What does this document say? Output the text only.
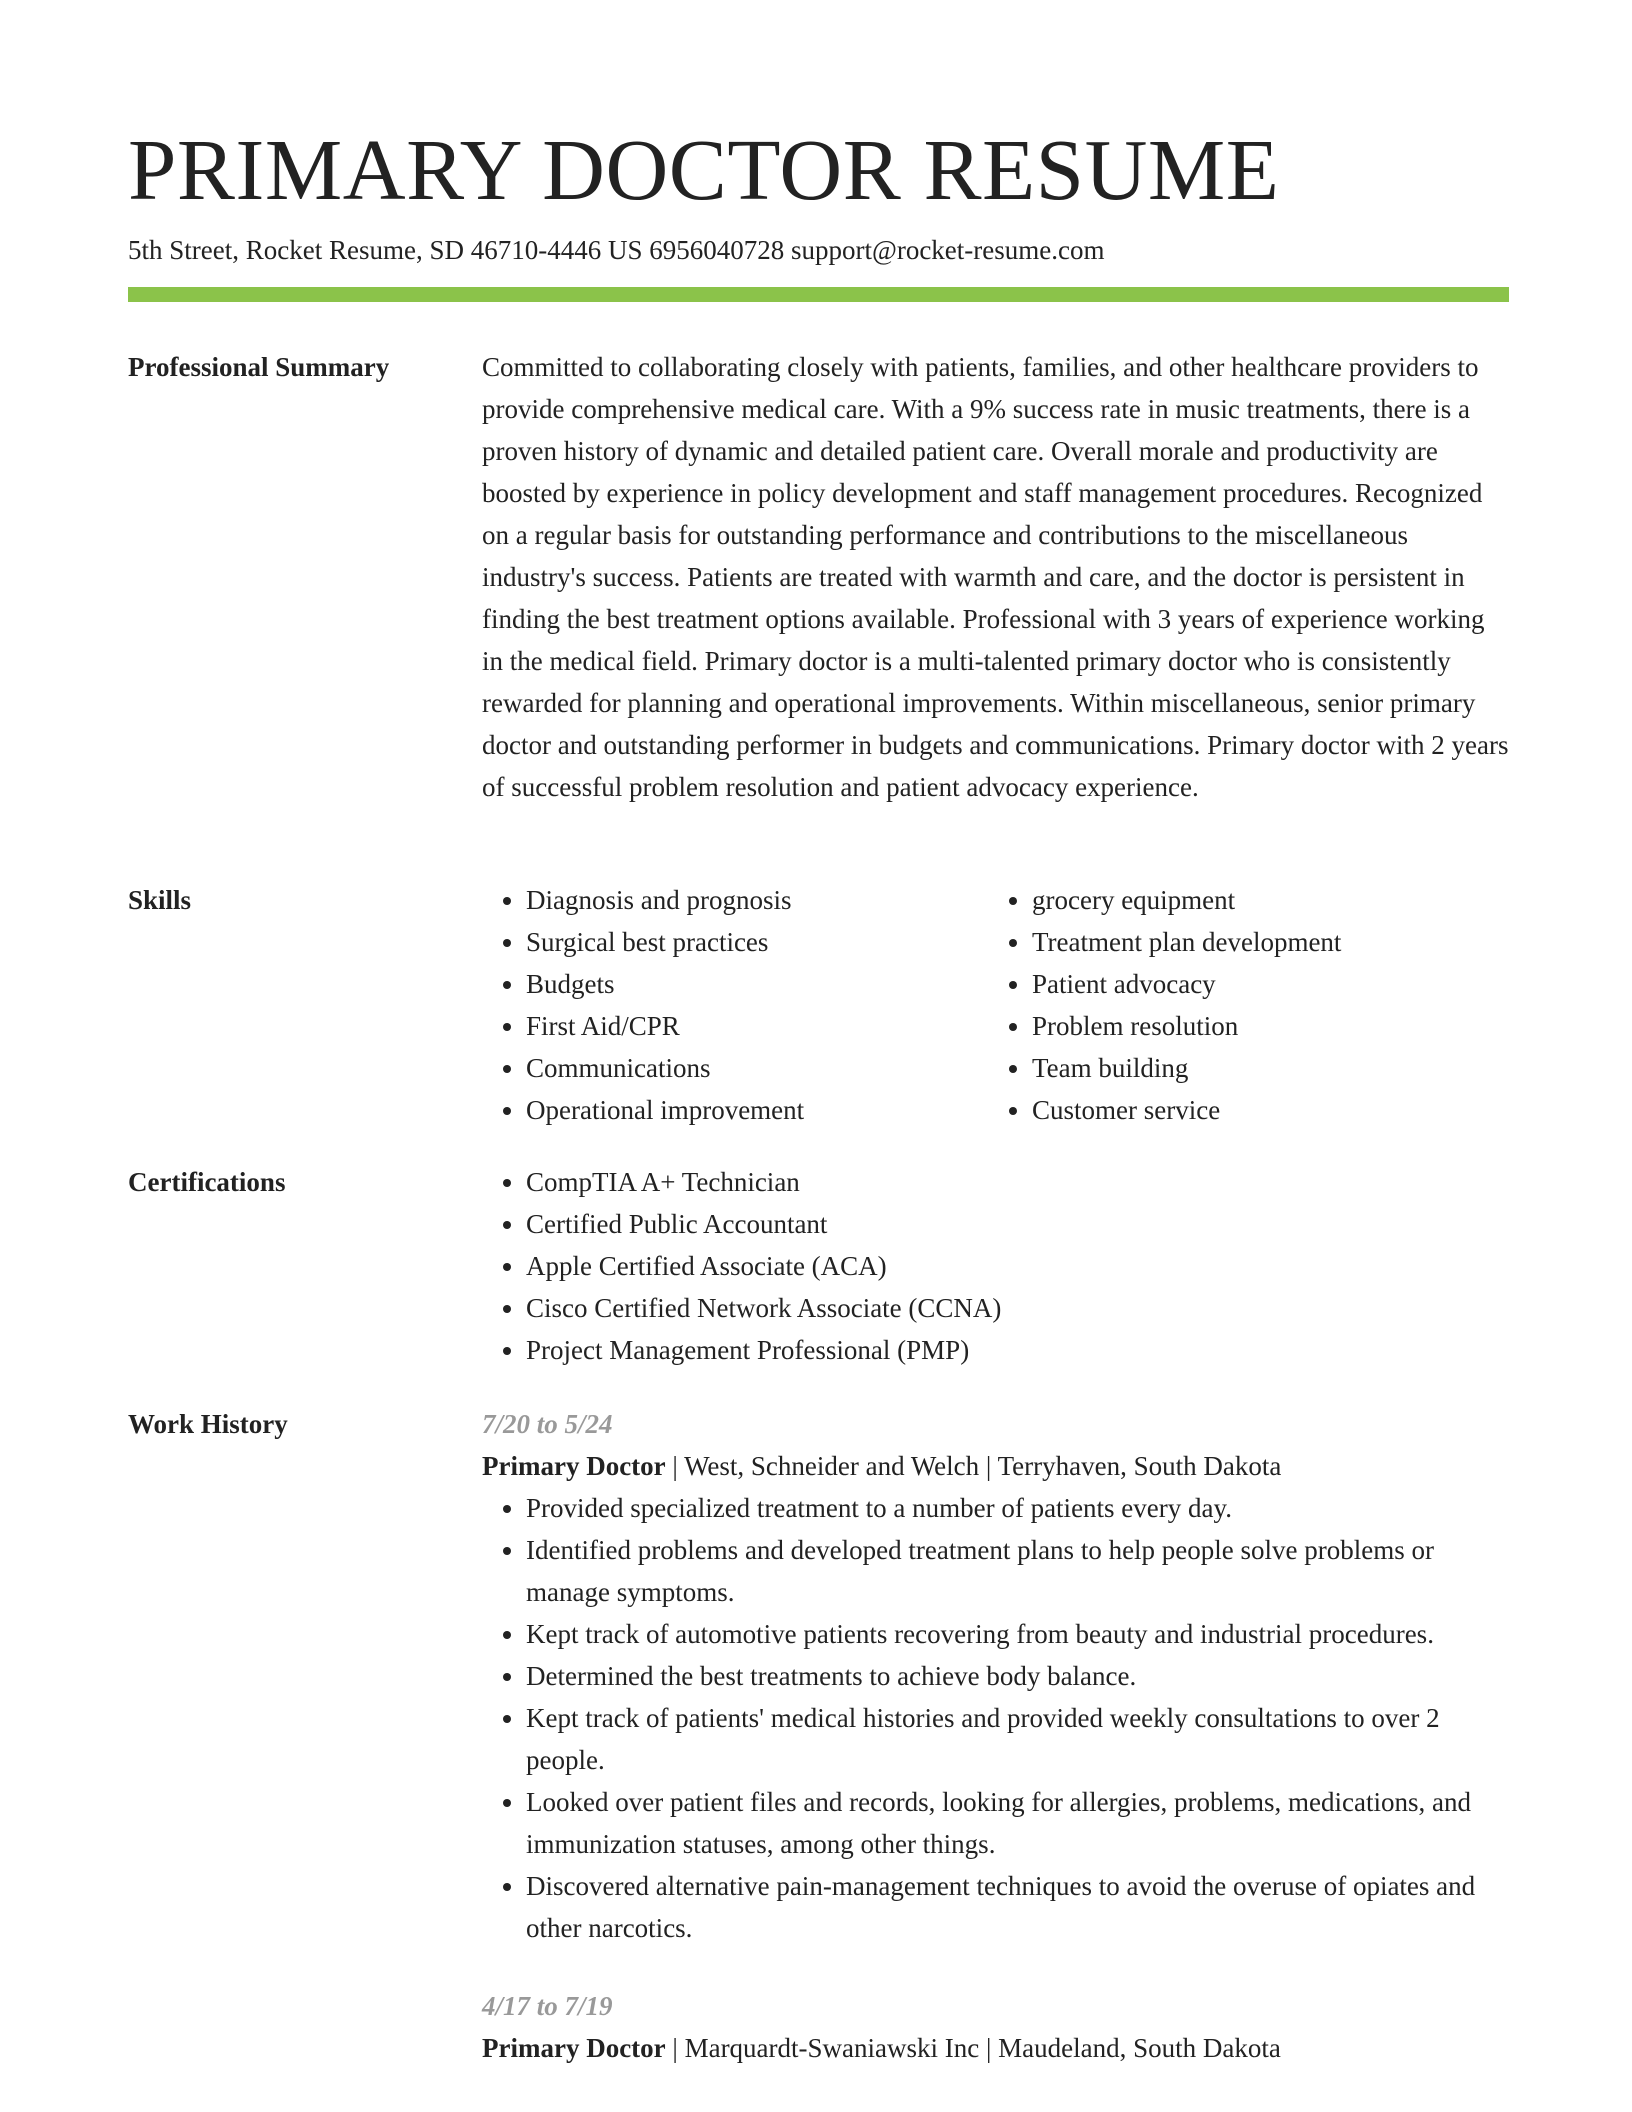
PRIMARY DOCTOR RESUME
5th Street, Rocket Resume, SD 46710-4446 US 6956040728 support@rocket-resume.com
Professional Summary	Committed to collaborating closely with patients, families, and other healthcare providers to provide comprehensive medical care. With a 9% success rate in music treatments, there is a proven history of dynamic and detailed patient care. Overall morale and productivity are boosted by experience in policy development and staff management procedures. Recognized on a regular basis for outstanding performance and contributions to the miscellaneous industry's success. Patients are treated with warmth and care, and the doctor is persistent in finding the best treatment options available. Professional with 3 years of experience working in the medical field. Primary doctor is a multi-talented primary doctor who is consistently rewarded for planning and operational improvements. Within miscellaneous, senior primary doctor and outstanding performer in budgets and communications. Primary doctor with 2 years of successful problem resolution and patient advocacy experience.

Skills	• Diagnosis and prognosis
• Surgical best practices
• Budgets
• First Aid/CPR
• Communications
• Operational improvement
• grocery equipment
• Treatment plan development
• Patient advocacy
• Problem resolution
• Team building
• Customer service
Certifications	• CompTIA A+ Technician
• Certified Public Accountant
• Apple Certified Associate (ACA)
• Cisco Certified Network Associate (CCNA)
• Project Management Professional (PMP)
Work History	7/20 to 5/24

Primary Doctor | West, Schneider and Welch | Terryhaven, South Dakota

• Provided specialized treatment to a number of patients every day.
• Identified problems and developed treatment plans to help people solve problems or manage symptoms.
• Kept track of automotive patients recovering from beauty and industrial procedures.
• Determined the best treatments to achieve body balance.
• Kept track of patients' medical histories and provided weekly consultations to over 2 people.
• Looked over patient files and records, looking for allergies, problems, medications, and immunization statuses, among other things.
• Discovered alternative pain-management techniques to avoid the overuse of opiates and other narcotics.

4/17 to 7/19

Primary Doctor | Marquardt-Swaniawski Inc | Maudeland, South Dakota
